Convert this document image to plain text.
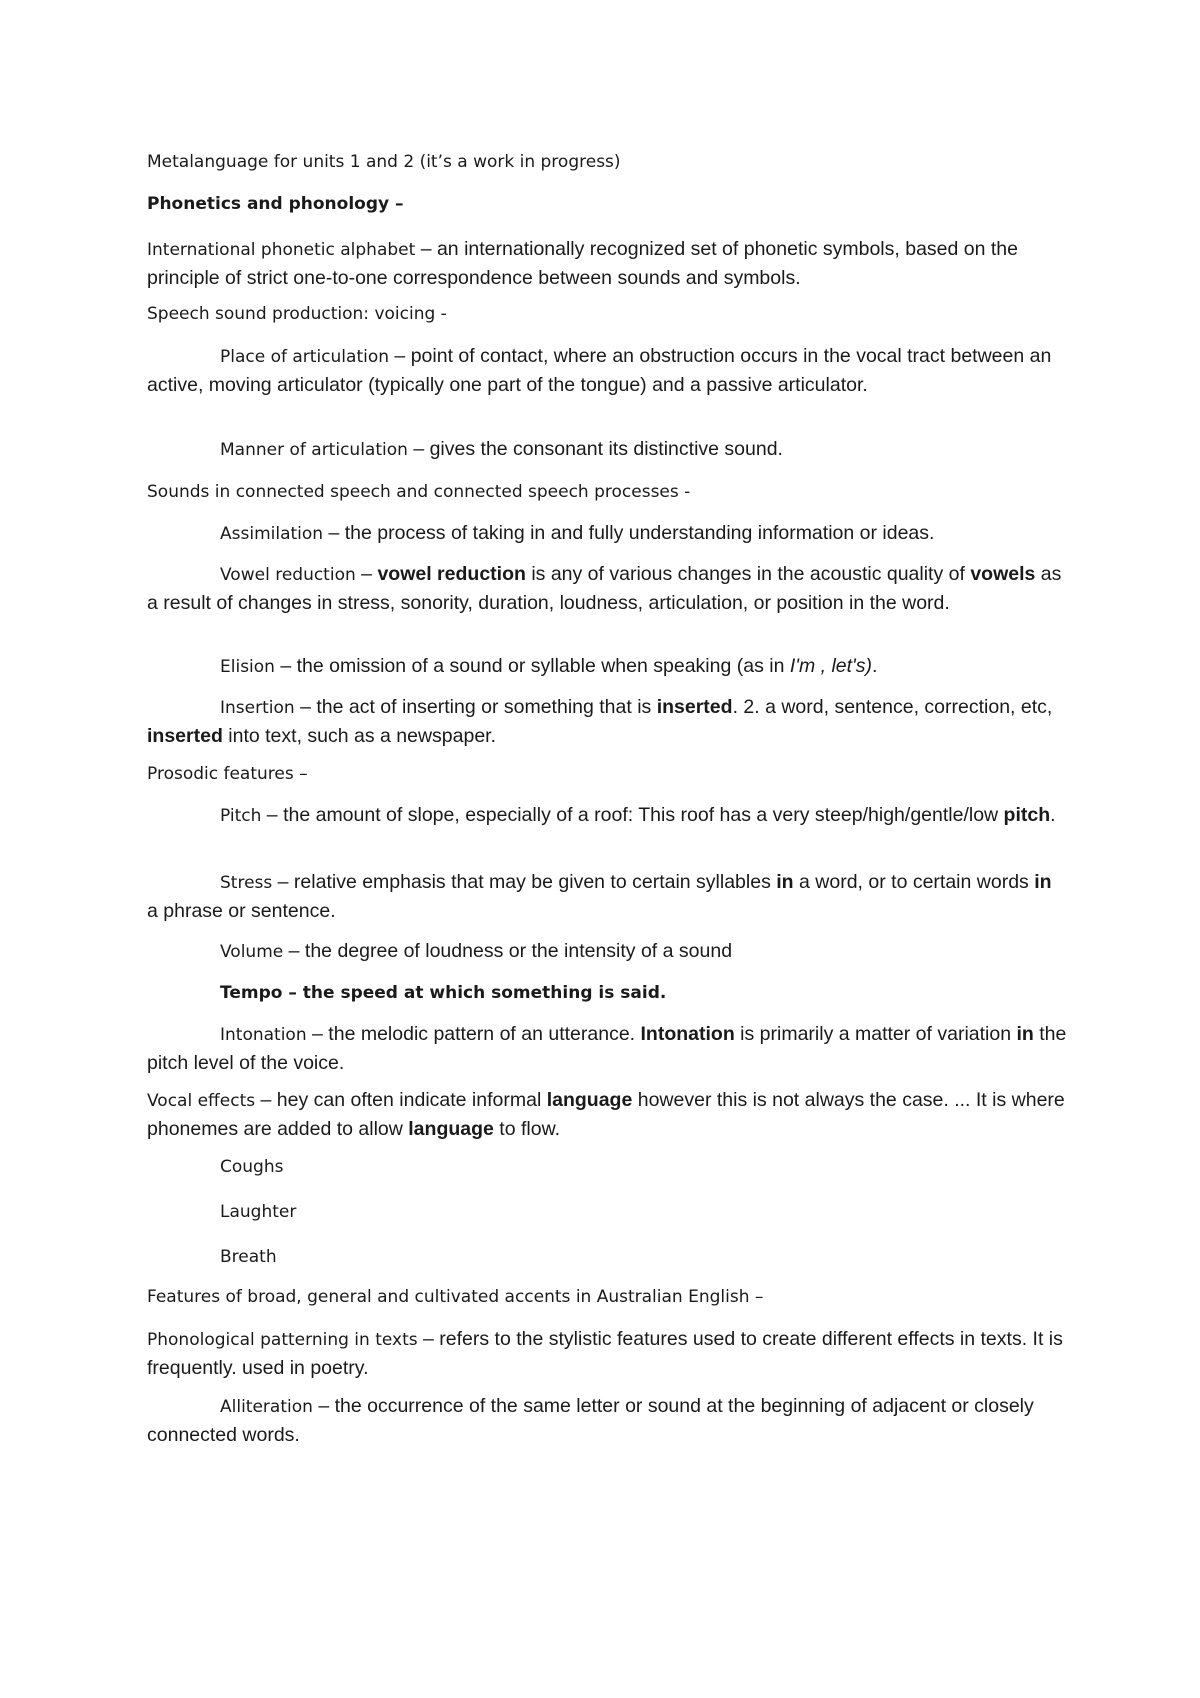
Metalanguage for units 1 and 2 (it’s a work in progress)

Phonetics and phonology –

International phonetic alphabet – an internationally recognized set of phonetic symbols, based on the principle of strict one-to-one correspondence between sounds and symbols.

Speech sound production: voicing -

Place of articulation – point of contact, where an obstruction occurs in the vocal tract between an active, moving articulator (typically one part of the tongue) and a passive articulator.

Manner of articulation – gives the consonant its distinctive sound.

Sounds in connected speech and connected speech processes -

Assimilation – the process of taking in and fully understanding information or ideas.

Vowel reduction – vowel reduction is any of various changes in the acoustic quality of vowels as a result of changes in stress, sonority, duration, loudness, articulation, or position in the word.

Elision – the omission of a sound or syllable when speaking (as in I'm , let's).

Insertion – the act of inserting or something that is inserted. 2. a word, sentence, correction, etc, inserted into text, such as a newspaper.

Prosodic features –

Pitch – the amount of slope, especially of a roof: This roof has a very steep/high/gentle/low pitch.

Stress – relative emphasis that may be given to certain syllables in a word, or to certain words in a phrase or sentence.

Volume – the degree of loudness or the intensity of a sound

Tempo – the speed at which something is said.

Intonation – the melodic pattern of an utterance. Intonation is primarily a matter of variation in the pitch level of the voice.

Vocal effects – hey can often indicate informal language however this is not always the case. ... It is where phonemes are added to allow language to flow.

Coughs

Laughter

Breath

Features of broad, general and cultivated accents in Australian English –

Phonological patterning in texts – refers to the stylistic features used to create different effects in texts. It is frequently. used in poetry.

Alliteration – the occurrence of the same letter or sound at the beginning of adjacent or closely connected words.
